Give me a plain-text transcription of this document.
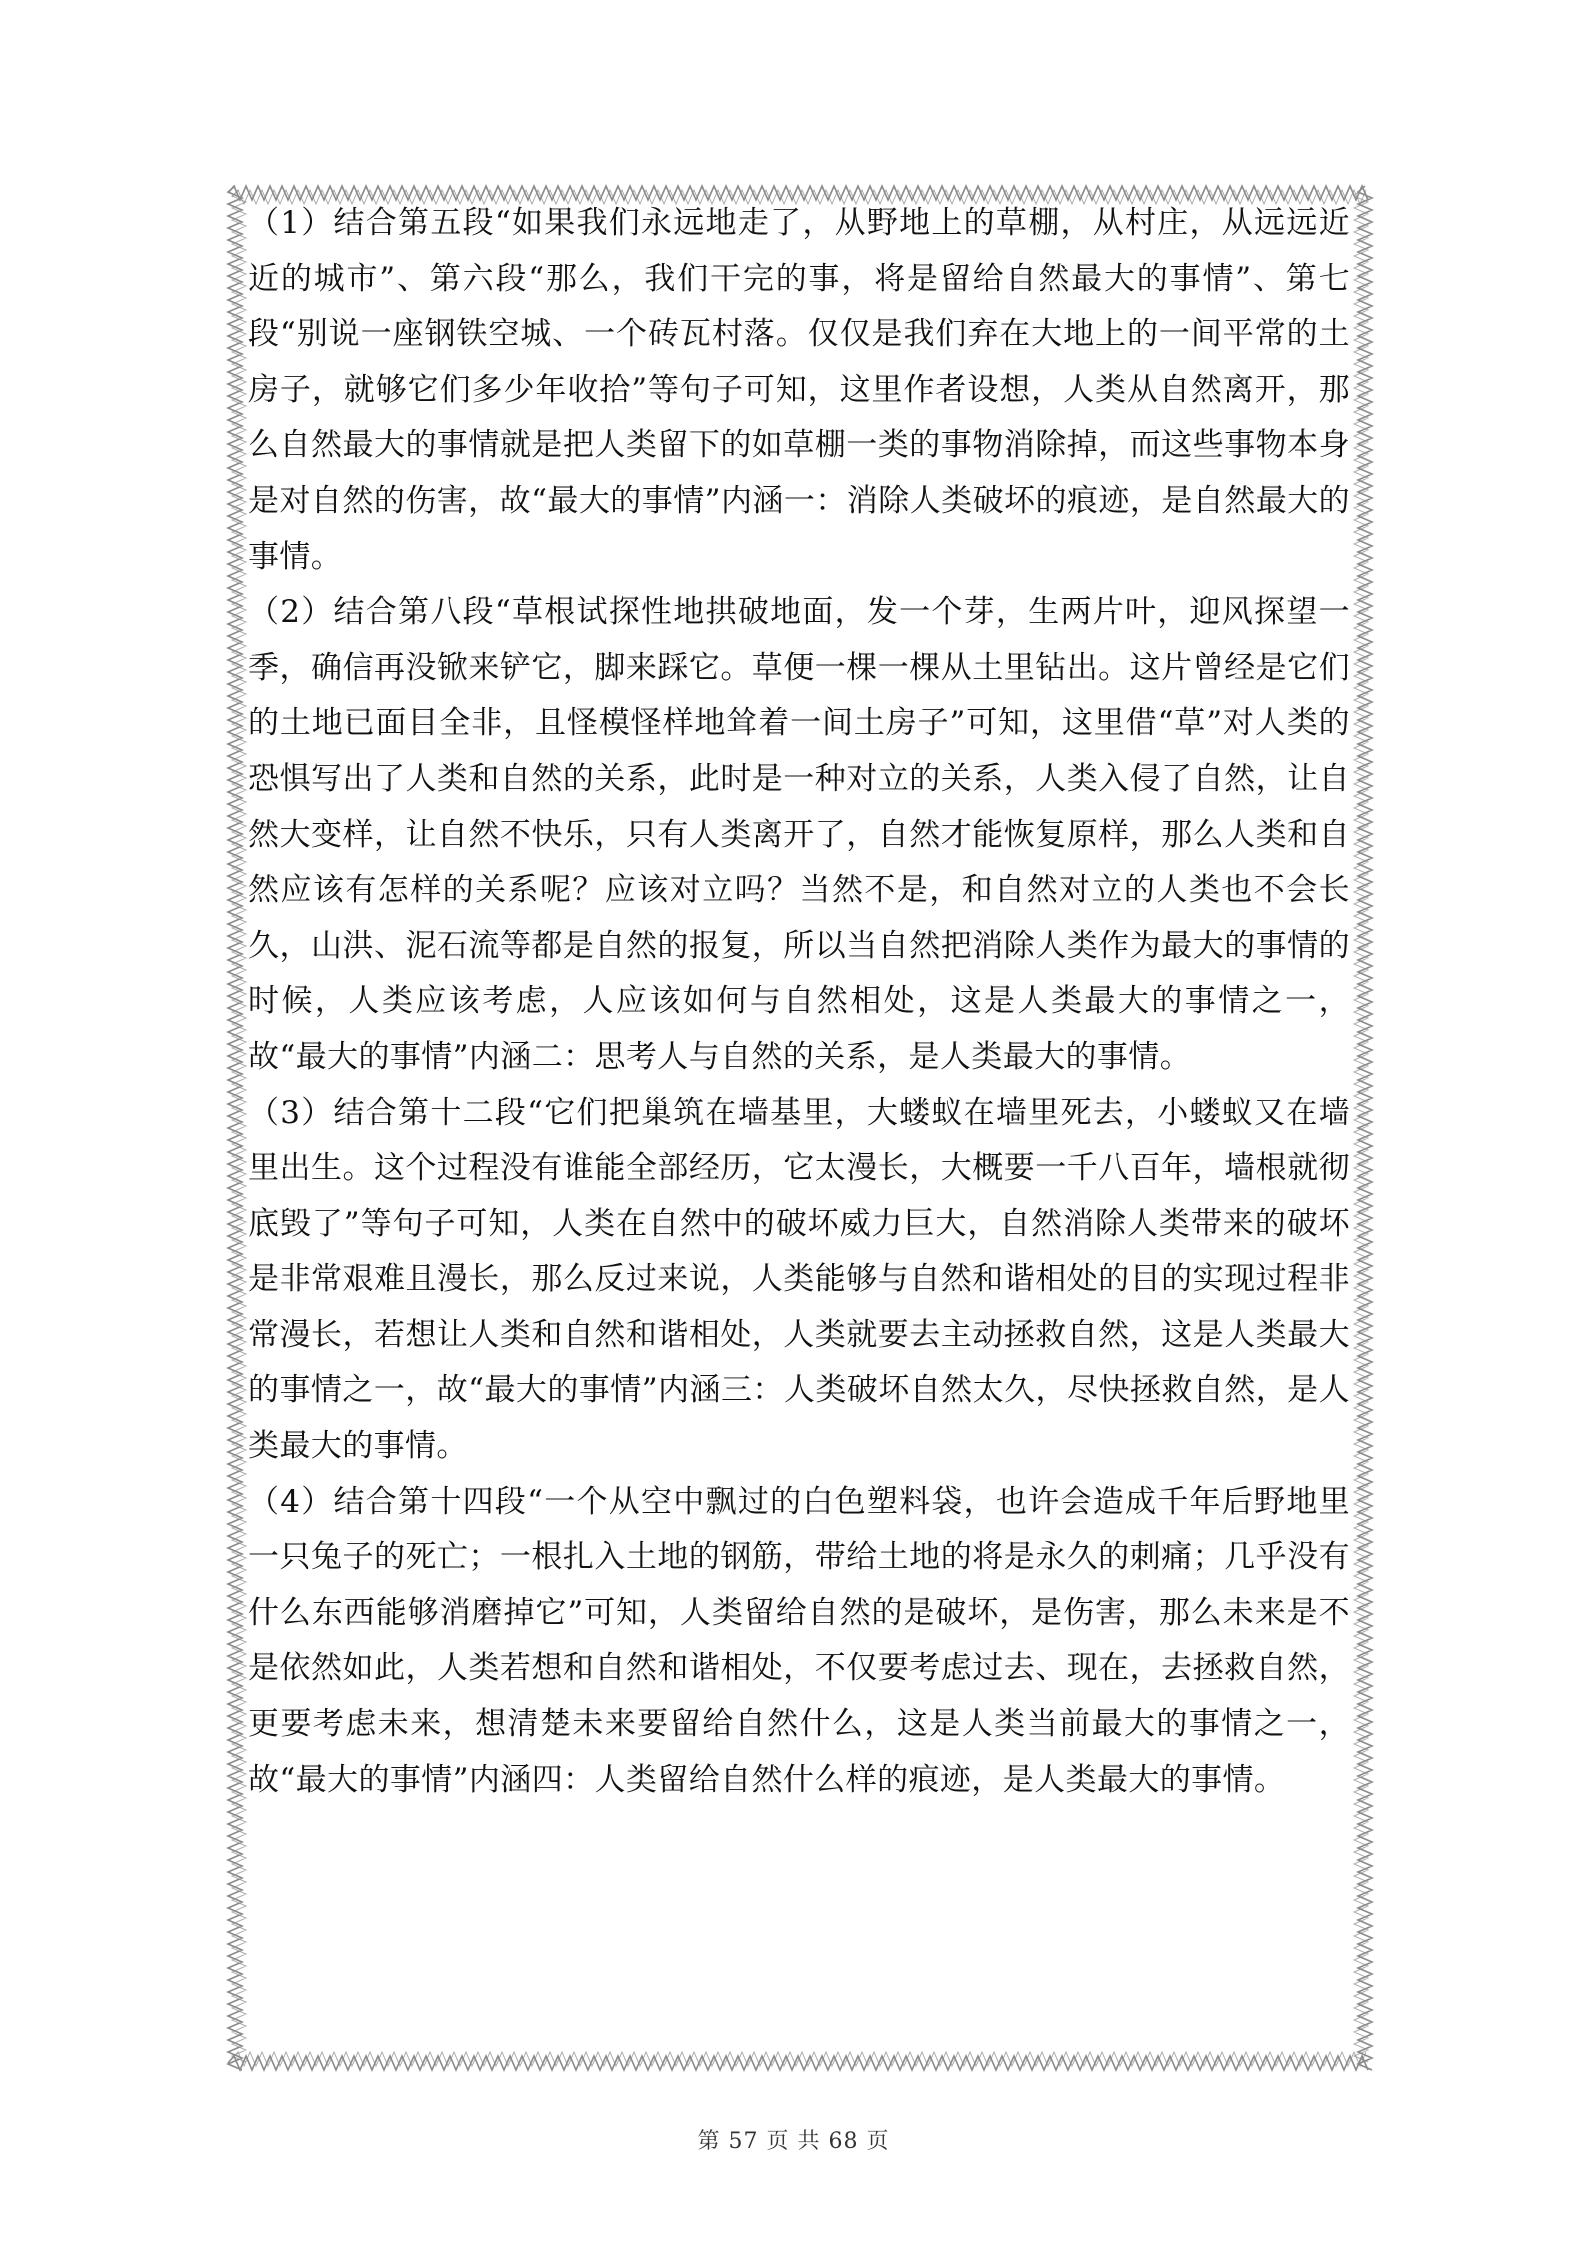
（1）结合第五段“如果我们永远地走了，从野地上的草棚，从村庄，从远远近近的城市”、第六段“那么，我们干完的事，将是留给自然最大的事情”、第七段“别说一座钢铁空城、一个砖瓦村落。仅仅是我们弃在大地上的一间平常的土房子，就够它们多少年收拾”等句子可知，这里作者设想，人类从自然离开，那么自然最大的事情就是把人类留下的如草棚一类的事物消除掉，而这些事物本身是对自然的伤害，故“最大的事情”内涵一：消除人类破坏的痕迹，是自然最大的事情。

（2）结合第八段“草根试探性地拱破地面，发一个芽，生两片叶，迎风探望一季，确信再没锨来铲它，脚来踩它。草便一棵一棵从土里钻出。这片曾经是它们的土地已面目全非，且怪模怪样地耸着一间土房子”可知，这里借“草”对人类的恐惧写出了人类和自然的关系，此时是一种对立的关系，人类入侵了自然，让自然大变样，让自然不快乐，只有人类离开了，自然才能恢复原样，那么人类和自然应该有怎样的关系呢？应该对立吗？当然不是，和自然对立的人类也不会长久，山洪、泥石流等都是自然的报复，所以当自然把消除人类作为最大的事情的时候，人类应该考虑，人应该如何与自然相处，这是人类最大的事情之一，故“最大的事情”内涵二：思考人与自然的关系，是人类最大的事情。

（3）结合第十二段“它们把巢筑在墙基里，大蝼蚁在墙里死去，小蝼蚁又在墙里出生。这个过程没有谁能全部经历，它太漫长，大概要一千八百年，墙根就彻底毁了”等句子可知，人类在自然中的破坏威力巨大，自然消除人类带来的破坏是非常艰难且漫长，那么反过来说，人类能够与自然和谐相处的目的实现过程非常漫长，若想让人类和自然和谐相处，人类就要去主动拯救自然，这是人类最大的事情之一，故“最大的事情”内涵三：人类破坏自然太久，尽快拯救自然，是人类最大的事情。

（4）结合第十四段“一个从空中飘过的白色塑料袋，也许会造成千年后野地里一只兔子的死亡；一根扎入土地的钢筋，带给土地的将是永久的刺痛；几乎没有什么东西能够消磨掉它”可知，人类留给自然的是破坏，是伤害，那么未来是不是依然如此，人类若想和自然和谐相处，不仅要考虑过去、现在，去拯救自然，更要考虑未来，想清楚未来要留给自然什么，这是人类当前最大的事情之一，故“最大的事情”内涵四：人类留给自然什么样的痕迹，是人类最大的事情。

第 57 页 共 68 页
